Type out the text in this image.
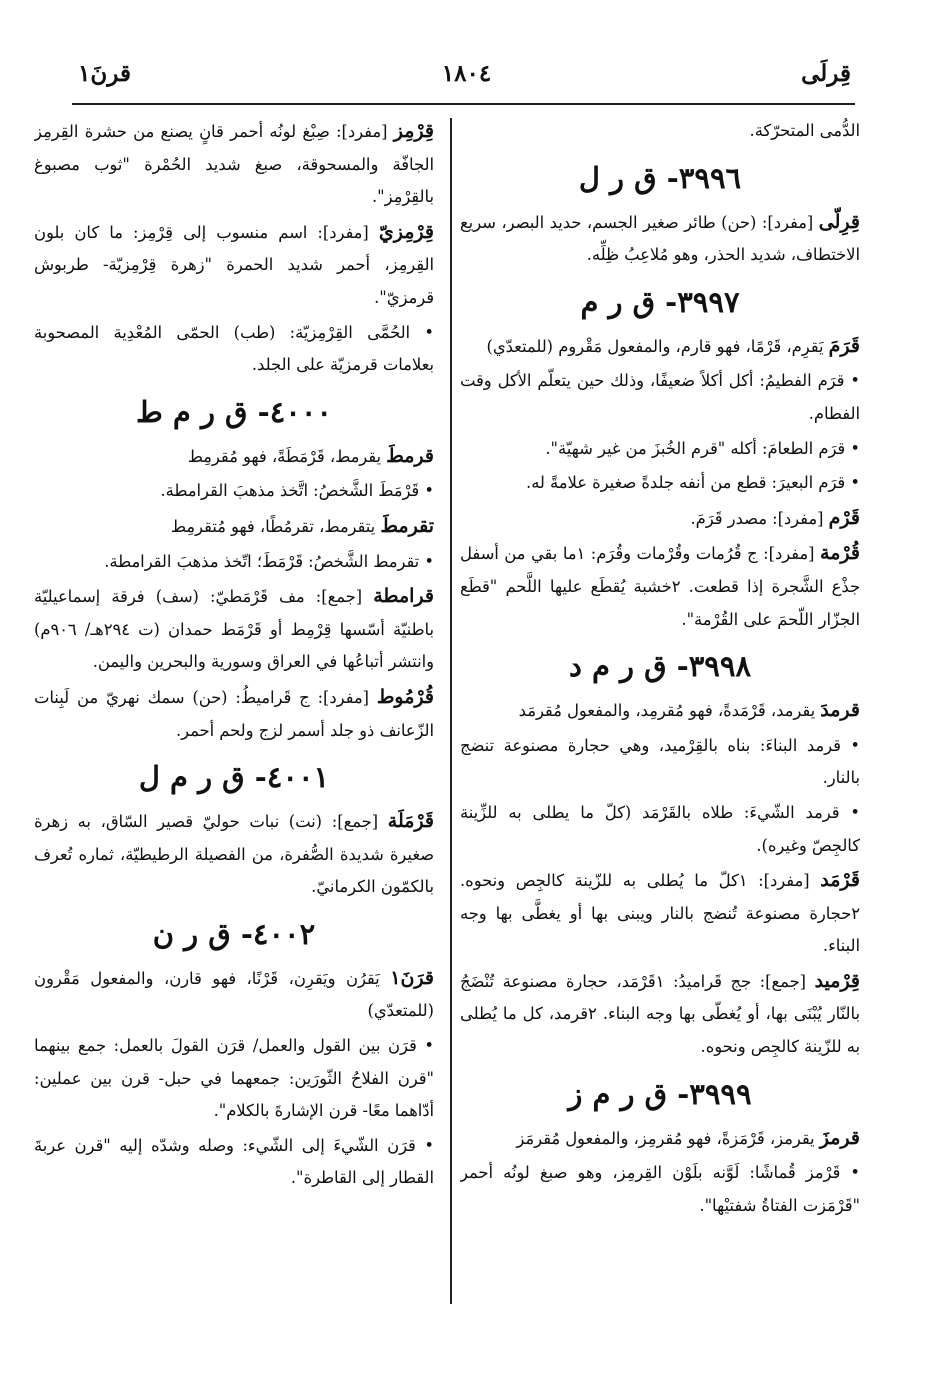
قرنَ١	١٨٠٤	قِرلَى

الدُّمى المتحرّكة.

٣٩٩٦- ق ر ل

قِرِلّى [مفرد]: (حن) طائر صغير الجسم، حديد البصر، سريع الاختطاف، شديد الحذر، وهو مُلاعِبُ ظِلِّه.

٣٩٩٧- ق ر م

قَرَمَ يَقرِم، قَرْمًا، فهو قارم، والمفعول مَقْروم (للمتعدّي)

• قرَم الفطيمُ: أكل أكلاً ضعيفًا، وذلك حين يتعلّم الأكل وقت الفطام.

• قرَم الطعامَ: أكله "قرم الخُبزَ من غير شهيّة".

• قرَم البعيرَ: قطع من أنفه جلدةً صغيرة علامةً له.

قَرْم [مفرد]: مصدر قَرَمَ.

قُرْمة [مفرد]: ج قُرُمات وقُرْمات وقُرَم: ١ما بقي من أسفل جذْع الشَّجرة إذا قطعت. ٢خشبة يُقطَع عليها اللَّحم "قطَع الجزّار اللّحمَ على القُرْمة".

٣٩٩٨- ق ر م د

قرمدَ يقرمد، قَرْمَدةً، فهو مُقرمِد، والمفعول مُقرمَد

• قرمد البناءَ: بناه بالقِرْميد، وهي حجارة مصنوعة تنضج بالنار.

• قرمد الشّيءَ: طلاه بالقَرْمَد (كلّ ما يطلى به للزِّينة كالجِصّ وغيره).

قَرْمَد [مفرد]: ١كلّ ما يُطلى به للزّينة كالجِص ونحوه. ٢حجارة مصنوعة تُنضج بالنار ويبنى بها أو يغطَّى بها وجه البناء.

قِرْميد [جمع]: جج قَراميدُ: ١قَرْمَد، حجارة مصنوعة تُنْضَجُ بالنّار يُبْنَى بها، أو يُغطّى بها وجه البناء. ٢قرمد، كل ما يُطلى به للزّينة كالجِص ونحوه.

٣٩٩٩- ق ر م ز

قرمزَ يقرمز، قَرْمَزةً، فهو مُقرمِز، والمفعول مُقرمَز

• قَرْمز قُماشًا: لَوَّنه بلَوْن القِرمِز، وهو صبغ لونُه أحمر "قَرْمَزت الفتاةُ شفتيْها".

قِرْمِز [مفرد]: صِبْغ لونُه أحمر قانٍ يصنع من حشرة القِرمِز الجافّة والمسحوقة، صبغ شديد الحُمْرة "ثوب مصبوغ بالقِرْمِز".

قِرْمِزيّ [مفرد]: اسم منسوب إلى قِرْمِز: ما كان بلون القِرمِز، أحمر شديد الحمرة "زهرة قِرْمِزيّة- طربوش قرمزيّ".

• الحُمَّى القِرْمِزيّة: (طب) الحمّى المُعْدِية المصحوبة بعلامات قرمزيّة على الجلد.

٤٠٠٠- ق ر م ط

قرمطَ يقرمط، قَرْمَطَةً، فهو مُقرمِط

• قَرْمَطَ الشَّخصُ: اتَّخذ مذهبَ القرامطة.

تقرمطَ يتقرمط، تقرمُطًا، فهو مُتقرمِط

• تقرمط الشَّخصُ: قَرْمَطَ؛ اتّخذ مذهبَ القرامطة.

قرامطة [جمع]: مف قَرْمَطيّ: (سف) فرقة إسماعيليّة باطنيّة أسّسها قِرْمِط أو قَرْمَط حمدان (ت ٢٩٤هـ/ ٩٠٦م) وانتشر أتباعُها في العراق وسورية والبحرين واليمن.

قُرْمُوط [مفرد]: ج قَراميطُ: (حن) سمك نهريّ من لَبِنات الزّعانف ذو جلد أسمر لزج ولحم أحمر.

٤٠٠١- ق ر م ل

قَرْمَلَة [جمع]: (نت) نبات حوليّ قصير السّاق، به زهرة صغيرة شديدة الصُّفرة، من الفصيلة الرطيطيّة، ثماره تُعرف بالكمّون الكرمانيّ.

٤٠٠٢- ق ر ن

قرَنَ١ يَقرُن ويَقرِن، قَرْنًا، فهو قارن، والمفعول مَقْرون (للمتعدّي)

• قرَن بين القول والعمل/ قرَن القولَ بالعمل: جمع بينهما "قرن الفلاحُ الثّورَين: جمعهما في حبل- قرن بين عملين: أدّاهما معًا- قرن الإشارةَ بالكلام".

• قرَن الشّيءَ إلى الشّيء: وصله وشدّه إليه "قرن عربةَ القطار إلى القاطرة".
